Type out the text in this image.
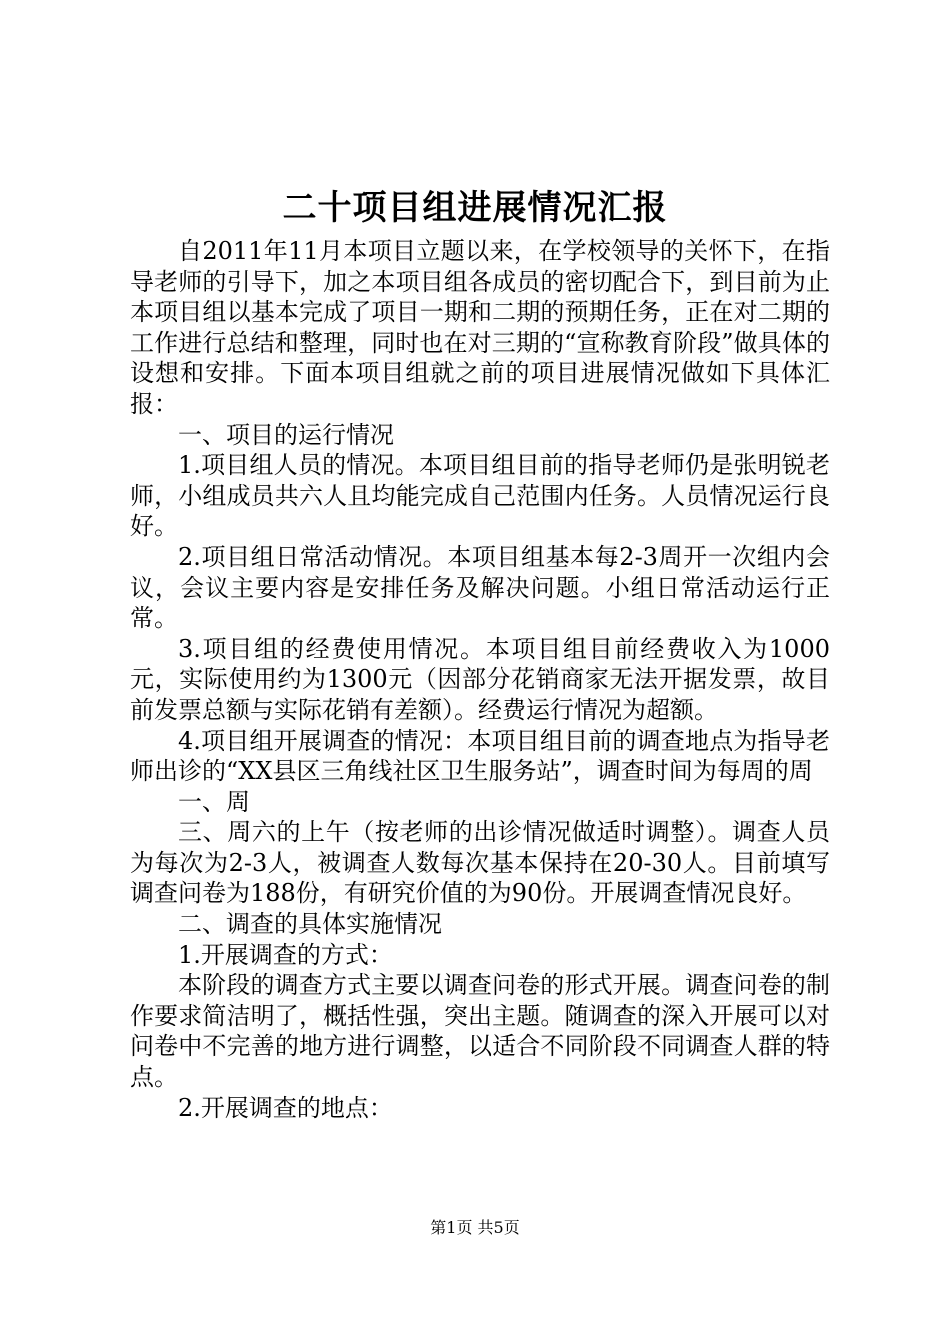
二十项目组进展情况汇报

自2011年11月本项目立题以来，在学校领导的关怀下，在指导老师的引导下，加之本项目组各成员的密切配合下，到目前为止本项目组以基本完成了项目一期和二期的预期任务，正在对二期的工作进行总结和整理，同时也在对三期的“宣称教育阶段”做具体的设想和安排。下面本项目组就之前的项目进展情况做如下具体汇报：

一、项目的运行情况

1.项目组人员的情况。本项目组目前的指导老师仍是张明锐老师，小组成员共六人且均能完成自己范围内任务。人员情况运行良好。

2.项目组日常活动情况。本项目组基本每2-3周开一次组内会议，会议主要内容是安排任务及解决问题。小组日常活动运行正常。

3.项目组的经费使用情况。本项目组目前经费收入为1000元，实际使用约为1300元（因部分花销商家无法开据发票，故目前发票总额与实际花销有差额）。经费运行情况为超额。

4.项目组开展调查的情况：本项目组目前的调查地点为指导老师出诊的“XX县区三角线社区卫生服务站”，调查时间为每周的周

一、周

三、周六的上午（按老师的出诊情况做适时调整）。调查人员为每次为2-3人，被调查人数每次基本保持在20-30人。目前填写调查问卷为188份，有研究价值的为90份。开展调查情况良好。

二、调查的具体实施情况

1.开展调查的方式：

本阶段的调查方式主要以调查问卷的形式开展。调查问卷的制作要求简洁明了，概括性强，突出主题。随调查的深入开展可以对问卷中不完善的地方进行调整，以适合不同阶段不同调查人群的特点。

2.开展调查的地点：

第1页 共5页
